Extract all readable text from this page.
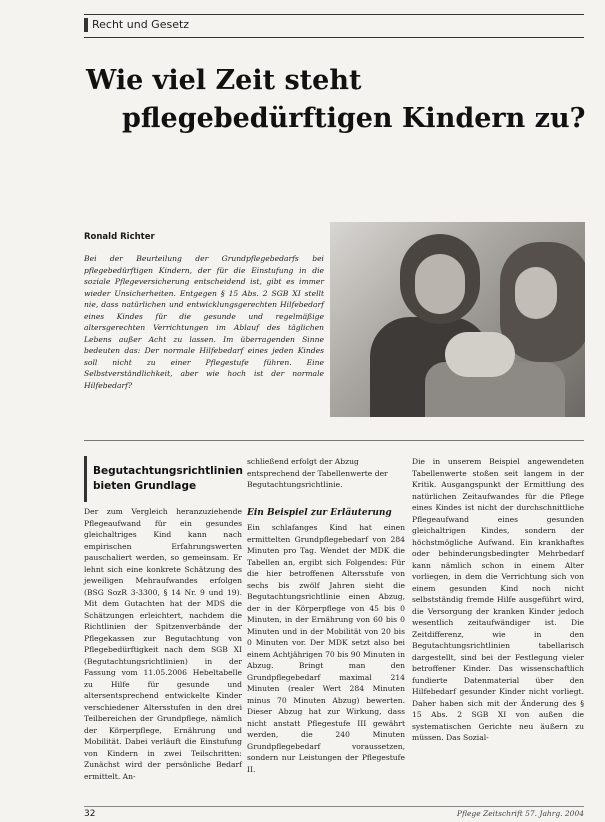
Recht und Gesetz
Wie viel Zeit steht
pflegebedürftigen Kindern zu?
Ronald Richter
Bei der Beurteilung der Grundpflegebedarfs bei pflegebedürftigen Kindern, der für die Einstufung in die soziale Pflegeversicherung entscheidend ist, gibt es immer wieder Unsicherheiten. Entgegen § 15 Abs. 2 SGB XI stellt nie, dass natürlichen und entwicklungsgerechten Hilfebedarf eines Kindes für die gesunde und regelmäßige altersgerechten Verrichtungen im Ablauf des täglichen Lebens außer Acht zu lassen. Im überragenden Sinne bedeuten das: Der normale Hilfebedarf eines jeden Kindes soll nicht zu einer Pflegestufe führen. Eine Selbstverständlichkeit, aber wie hoch ist der normale Hilfebedarf?
Begutachtungsrichtlinien bieten Grundlage
Der zum Vergleich heranzuziehende Pflegeaufwand für ein gesundes gleichaltriges Kind kann nach empirischen Erfahrungswerten pauschaliert werden, so gemeinsam. Er lehnt sich eine konkrete Schätzung des jeweiligen Mehraufwandes erfolgen (BSG SozR 3-3300, § 14 Nr. 9 und 19). Mit dem Gutachten hat der MDS die Schätzungen erleichtert, nachdem die Richtlinien der Spitzenverbände der Pflegekassen zur Begutachtung von Pflegebedürftigkeit nach dem SGB XI (Begutachtungsrichtlinien) in der Fassung vom 11.05.2006 Hebeltabelle zu Hilfe für gesunde und altersentsprechend entwickelte Kinder verschiedener Altersstufen in den drei Teilbereichen der Grundpflege, nämlich der Körperpflege, Ernährung und Mobilität. Dabei verläuft die Einstufung von Kindern in zwei Teilschritten: Zunächst wird der persönliche Bedarf ermittelt. An-
schließend erfolgt der Abzug entsprechend der Tabellenwerte der Begutachtungsrichtlinie.
Ein Beispiel zur Erläuterung
Ein schlafanges Kind hat einen ermittelten Grundpflegebedarf von 284 Minuten pro Tag. Wendet der MDK die Tabellen an, ergibt sich Folgendes: Für die hier betroffenen Altersstufe von sechs bis zwölf Jahren sieht die Begutachtungsrichtlinie einen Abzug, der in der Körperpflege von 45 bis 0 Minuten, in der Ernährung von 60 bis 0 Minuten und in der Mobilität von 20 bis 0 Minuten vor. Der MDK setzt also bei einem Achtjährigen 70 bis 90 Minuten in Abzug. Bringt man den Grundpflegebedarf maximal 214 Minuten (realer Wert 284 Minuten minus 70 Minuten Abzug) bewerten. Dieser Abzug hat zur Wirkung, dass nicht anstatt Pflegestufe III gewährt werden, die 240 Minuten Grundpflegebedarf voraussetzen, sondern nur Leistungen der Pflegestufe II.
Die in unserem Beispiel angewendeten Tabellenwerte stoßen seit langem in der Kritik. Ausgangspunkt der Ermittlung des natürlichen Zeitaufwandes für die Pflege eines Kindes ist nicht der durchschnittliche Pflegeaufwand eines gesunden gleichaltrigen Kindes, sondern der höchstmögliche Aufwand. Ein krankhaftes oder behinderungsbedingter Mehrbedarf kann nämlich schon in einem Alter vorliegen, in dem die Verrichtung sich von einem gesunden Kind noch nicht selbstständig fremde Hilfe ausgeführt wird, die Versorgung der kranken Kinder jedoch wesentlich zeitaufwändiger ist. Die Zeitdifferenz, wie in den Begutachtungsrichtlinien tabellarisch dargestellt, sind bei der Festlegung vieler betroffener Kinder. Das wissenschaftlich fundierte Datenmaterial über den Hilfebedarf gesunder Kinder nicht vorliegt. Daher haben sich mit der Änderung des § 15 Abs. 2 SGB XI von außen die systematischen Gerichte neu äußern zu müssen. Das Sozial-
32	Pflege Zeitschrift 57. Jahrg. 2004
